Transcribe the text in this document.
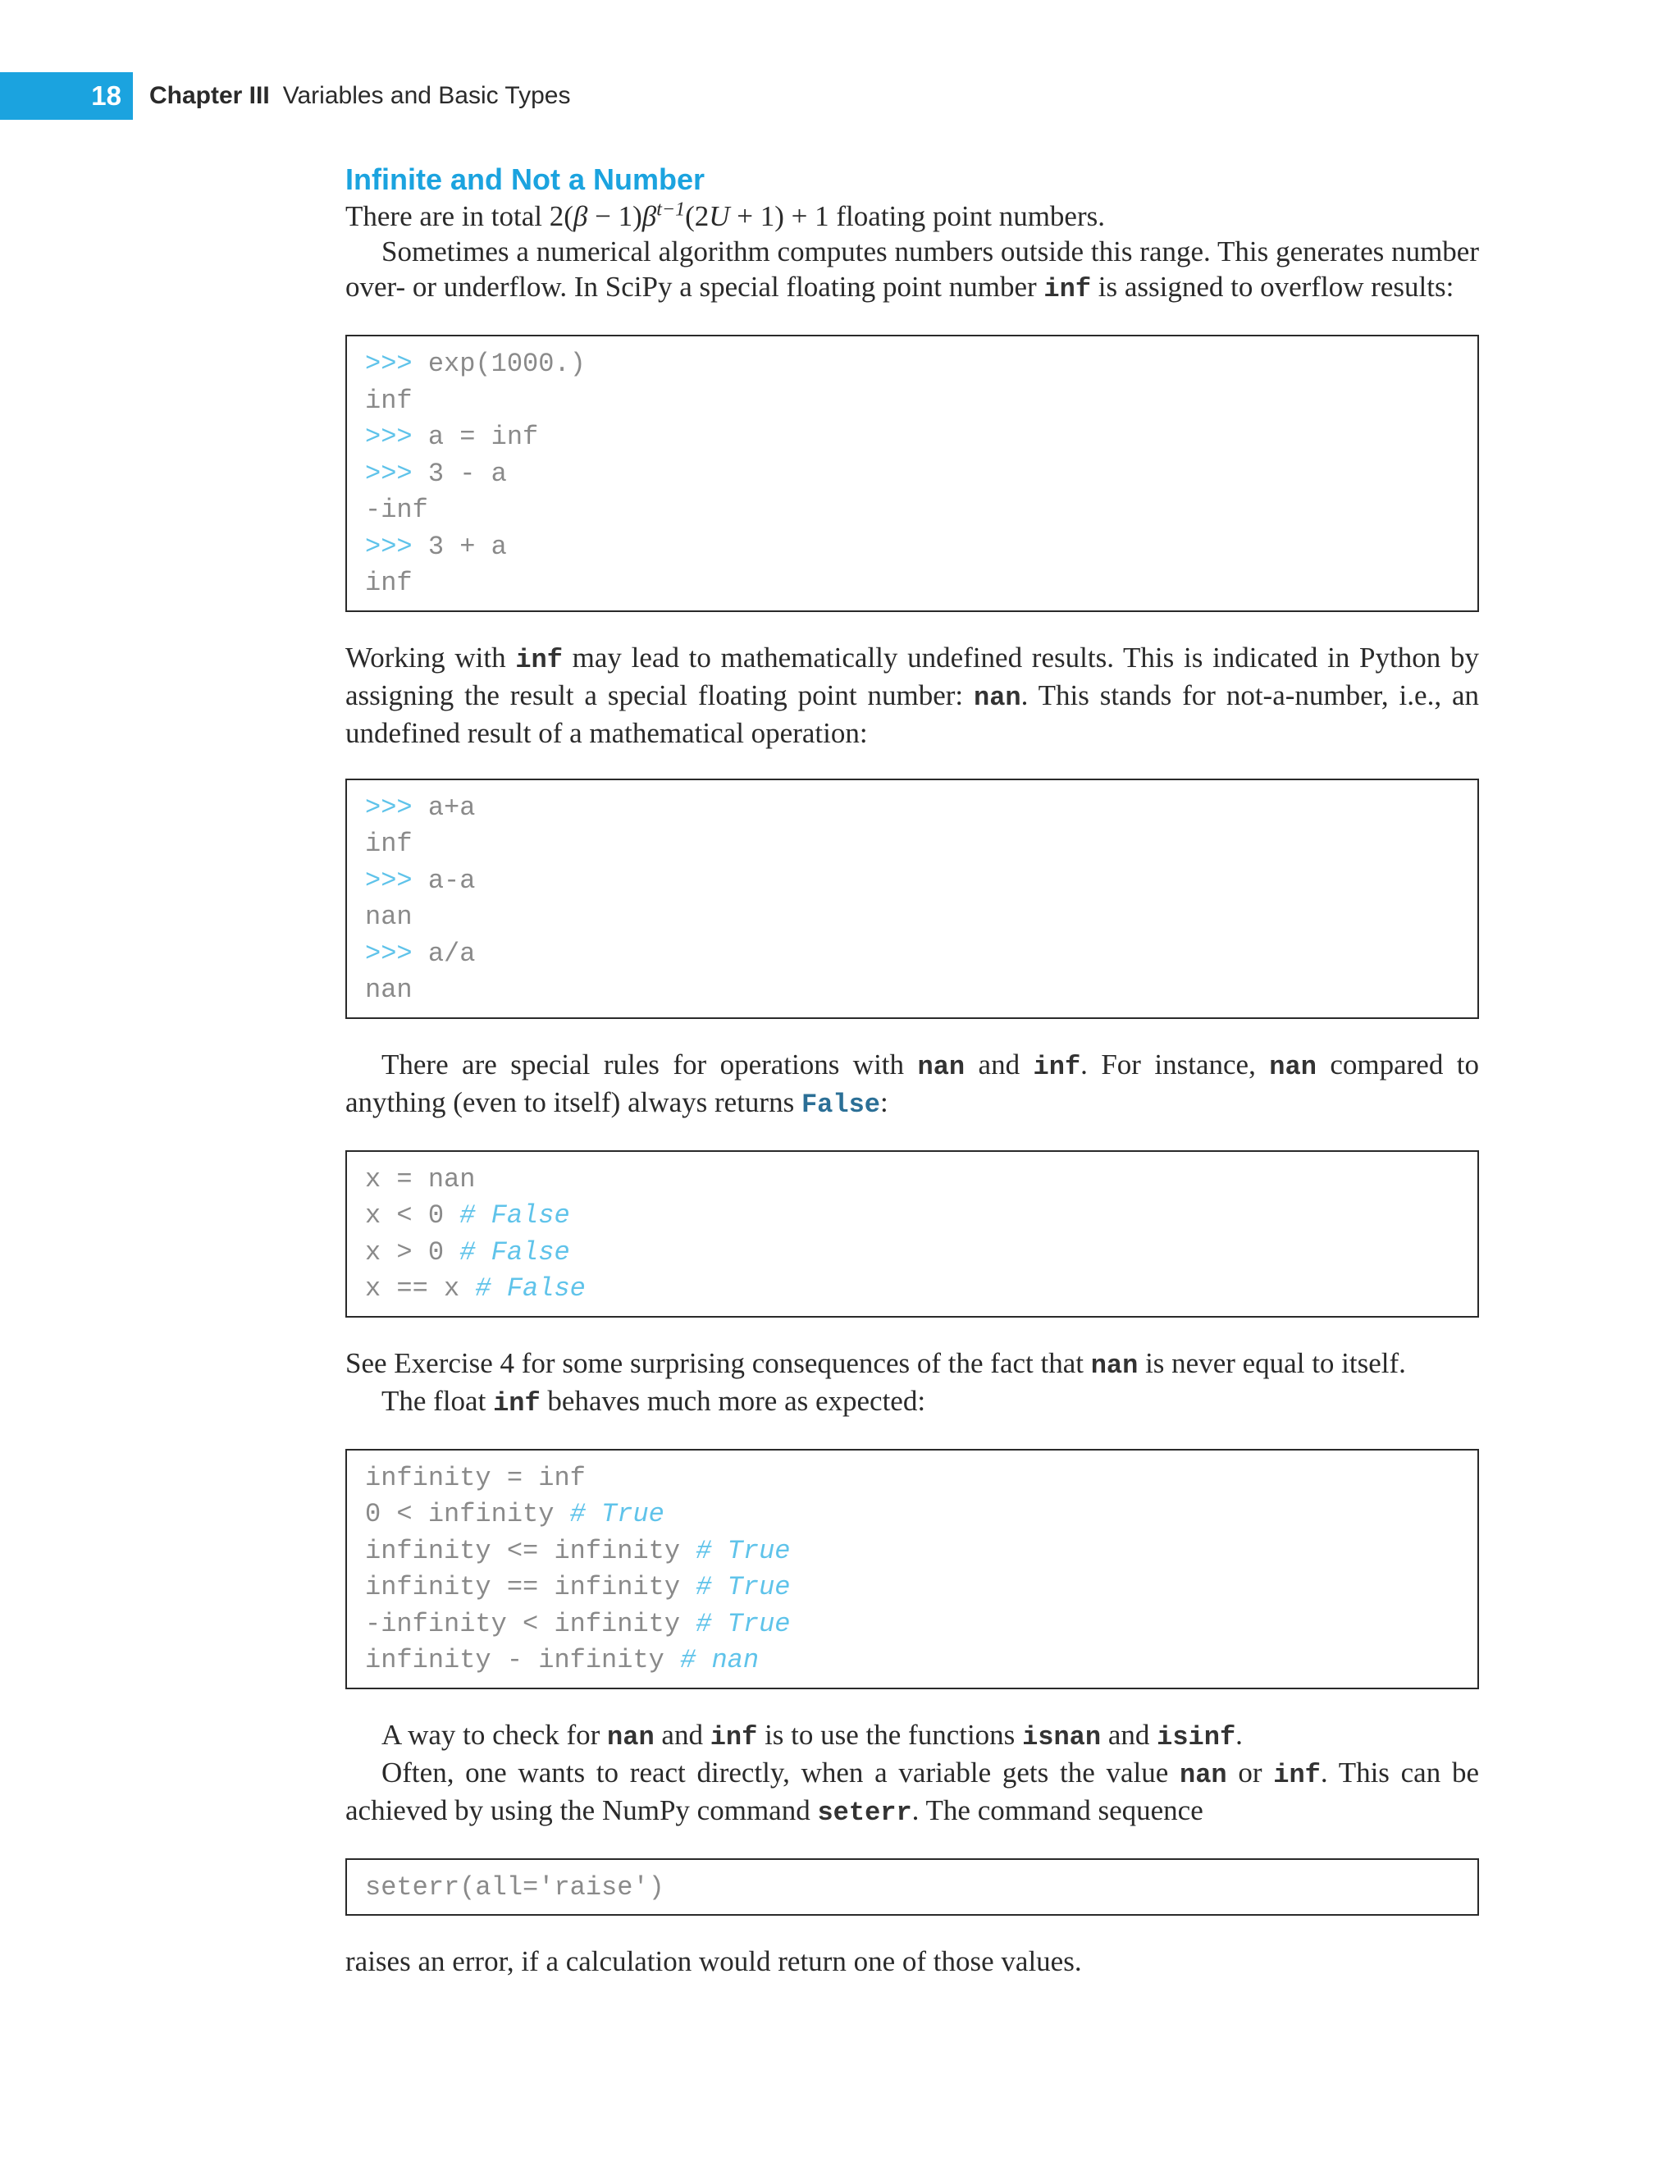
18	Chapter III Variables and Basic Types
Infinite and Not a Number

There are in total $2(\beta - 1)\beta^{t-1}(2U + 1) + 1$ floating point numbers.

Sometimes a numerical algorithm computes numbers outside this range. This generates number over- or underflow. In SciPy a special floating point number inf is assigned to overflow results:

>>> exp(1000.)
inf
>>> a = inf
>>> 3 - a
-inf
>>> 3 + a
inf

Working with inf may lead to mathematically undefined results. This is indicated in Python by assigning the result a special floating point number: nan. This stands for not-a-number, i.e., an undefined result of a mathematical operation:

>>> a+a
inf
>>> a-a
nan
>>> a/a
nan

There are special rules for operations with nan and inf. For instance, nan compared to anything (even to itself) always returns False:

x = nan
x < 0 # False
x > 0 # False
x == x # False

See Exercise 4 for some surprising consequences of the fact that nan is never equal to itself.

The float inf behaves much more as expected:

infinity = inf
0 < infinity # True
infinity <= infinity # True
infinity == infinity # True
-infinity < infinity # True
infinity - infinity # nan

A way to check for nan and inf is to use the functions isnan and isinf.

Often, one wants to react directly, when a variable gets the value nan or inf. This can be achieved by using the NumPy command seterr. The command sequence

seterr(all='raise')

raises an error, if a calculation would return one of those values.
